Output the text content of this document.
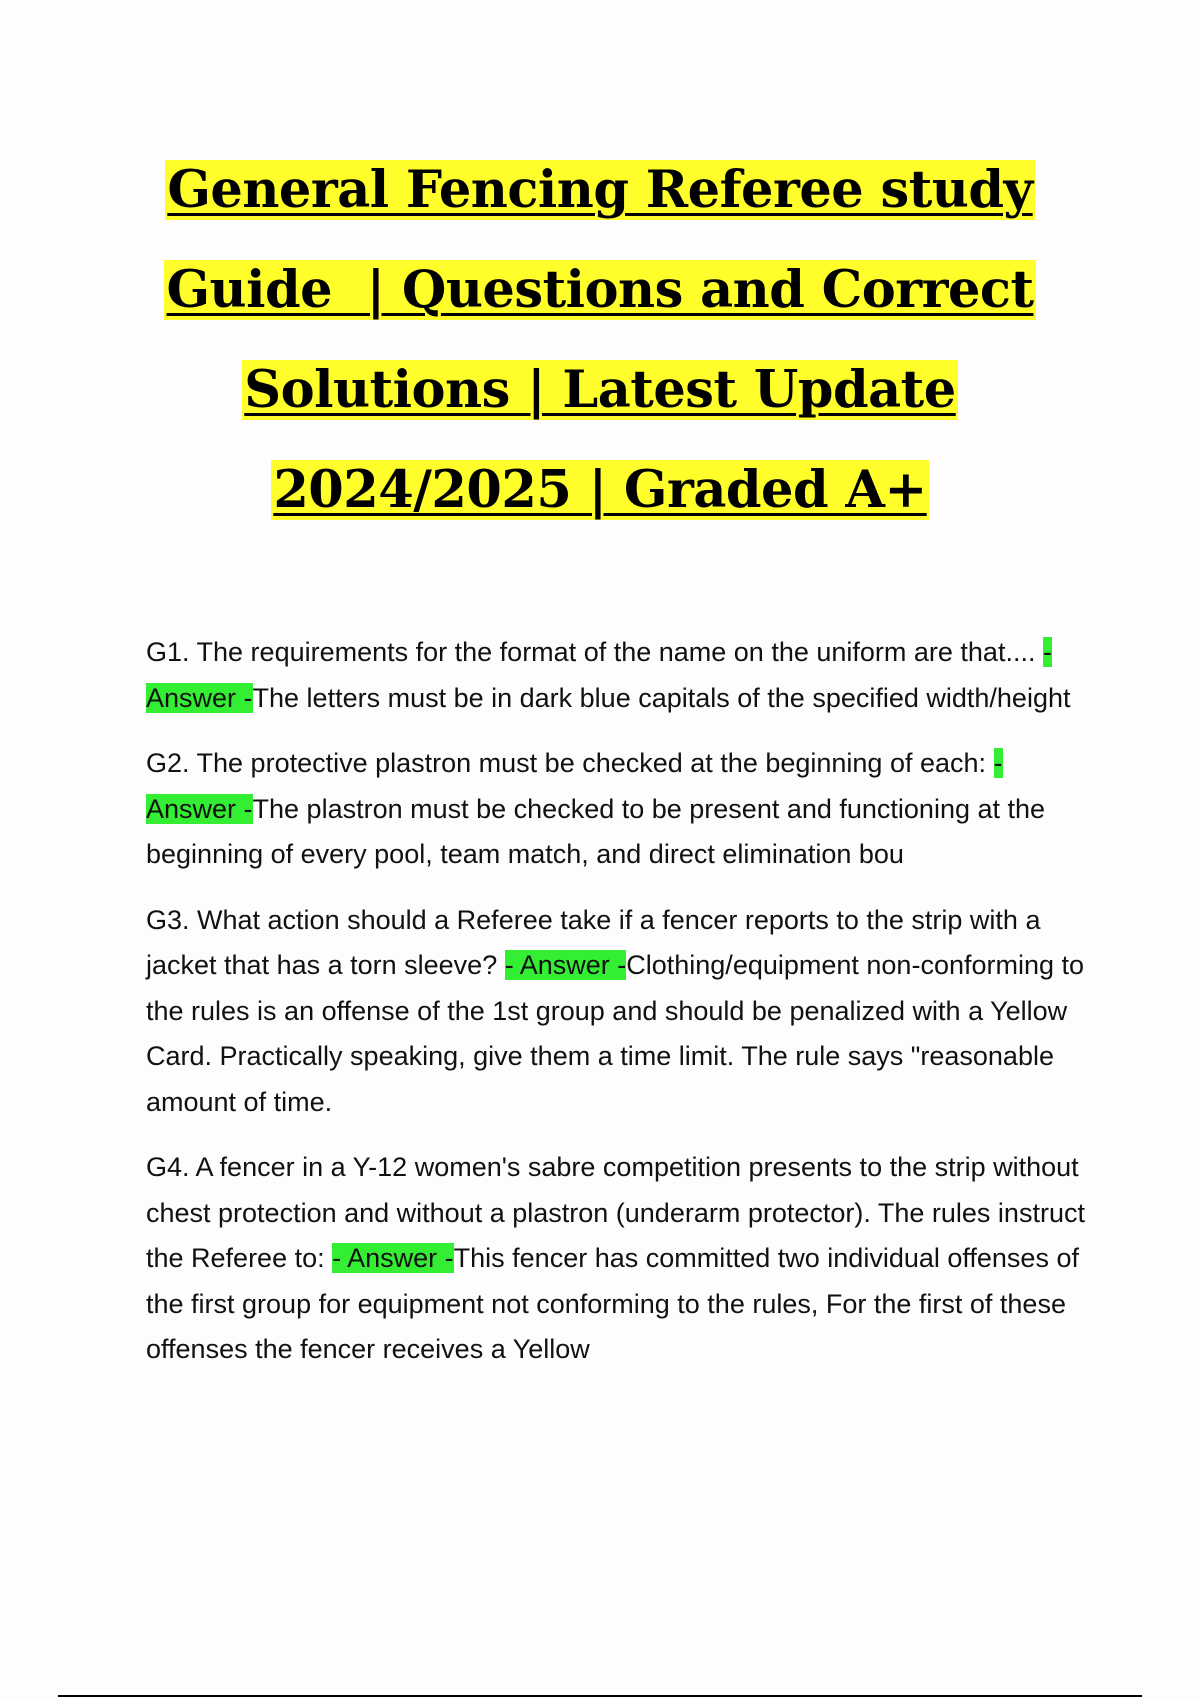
General Fencing Referee study
Guide  | Questions and Correct
Solutions | Latest Update
2024/2025 | Graded A+

G1. The requirements for the format of the name on the uniform are that.... - Answer -The letters must be in dark blue capitals of the specified width/height

G2. The protective plastron must be checked at the beginning of each: - Answer -The plastron must be checked to be present and functioning at the beginning of every pool, team match, and direct elimination bou

G3. What action should a Referee take if a fencer reports to the strip with a jacket that has a torn sleeve? - Answer -Clothing/equipment non-conforming to the rules is an offense of the 1st group and should be penalized with a Yellow Card. Practically speaking, give them a time limit. The rule says "reasonable amount of time.

G4. A fencer in a Y-12 women's sabre competition presents to the strip without chest protection and without a plastron (underarm protector). The rules instruct the Referee to: - Answer -This fencer has committed two individual offenses of the first group for equipment not conforming to the rules, For the first of these offenses the fencer receives a Yellow
